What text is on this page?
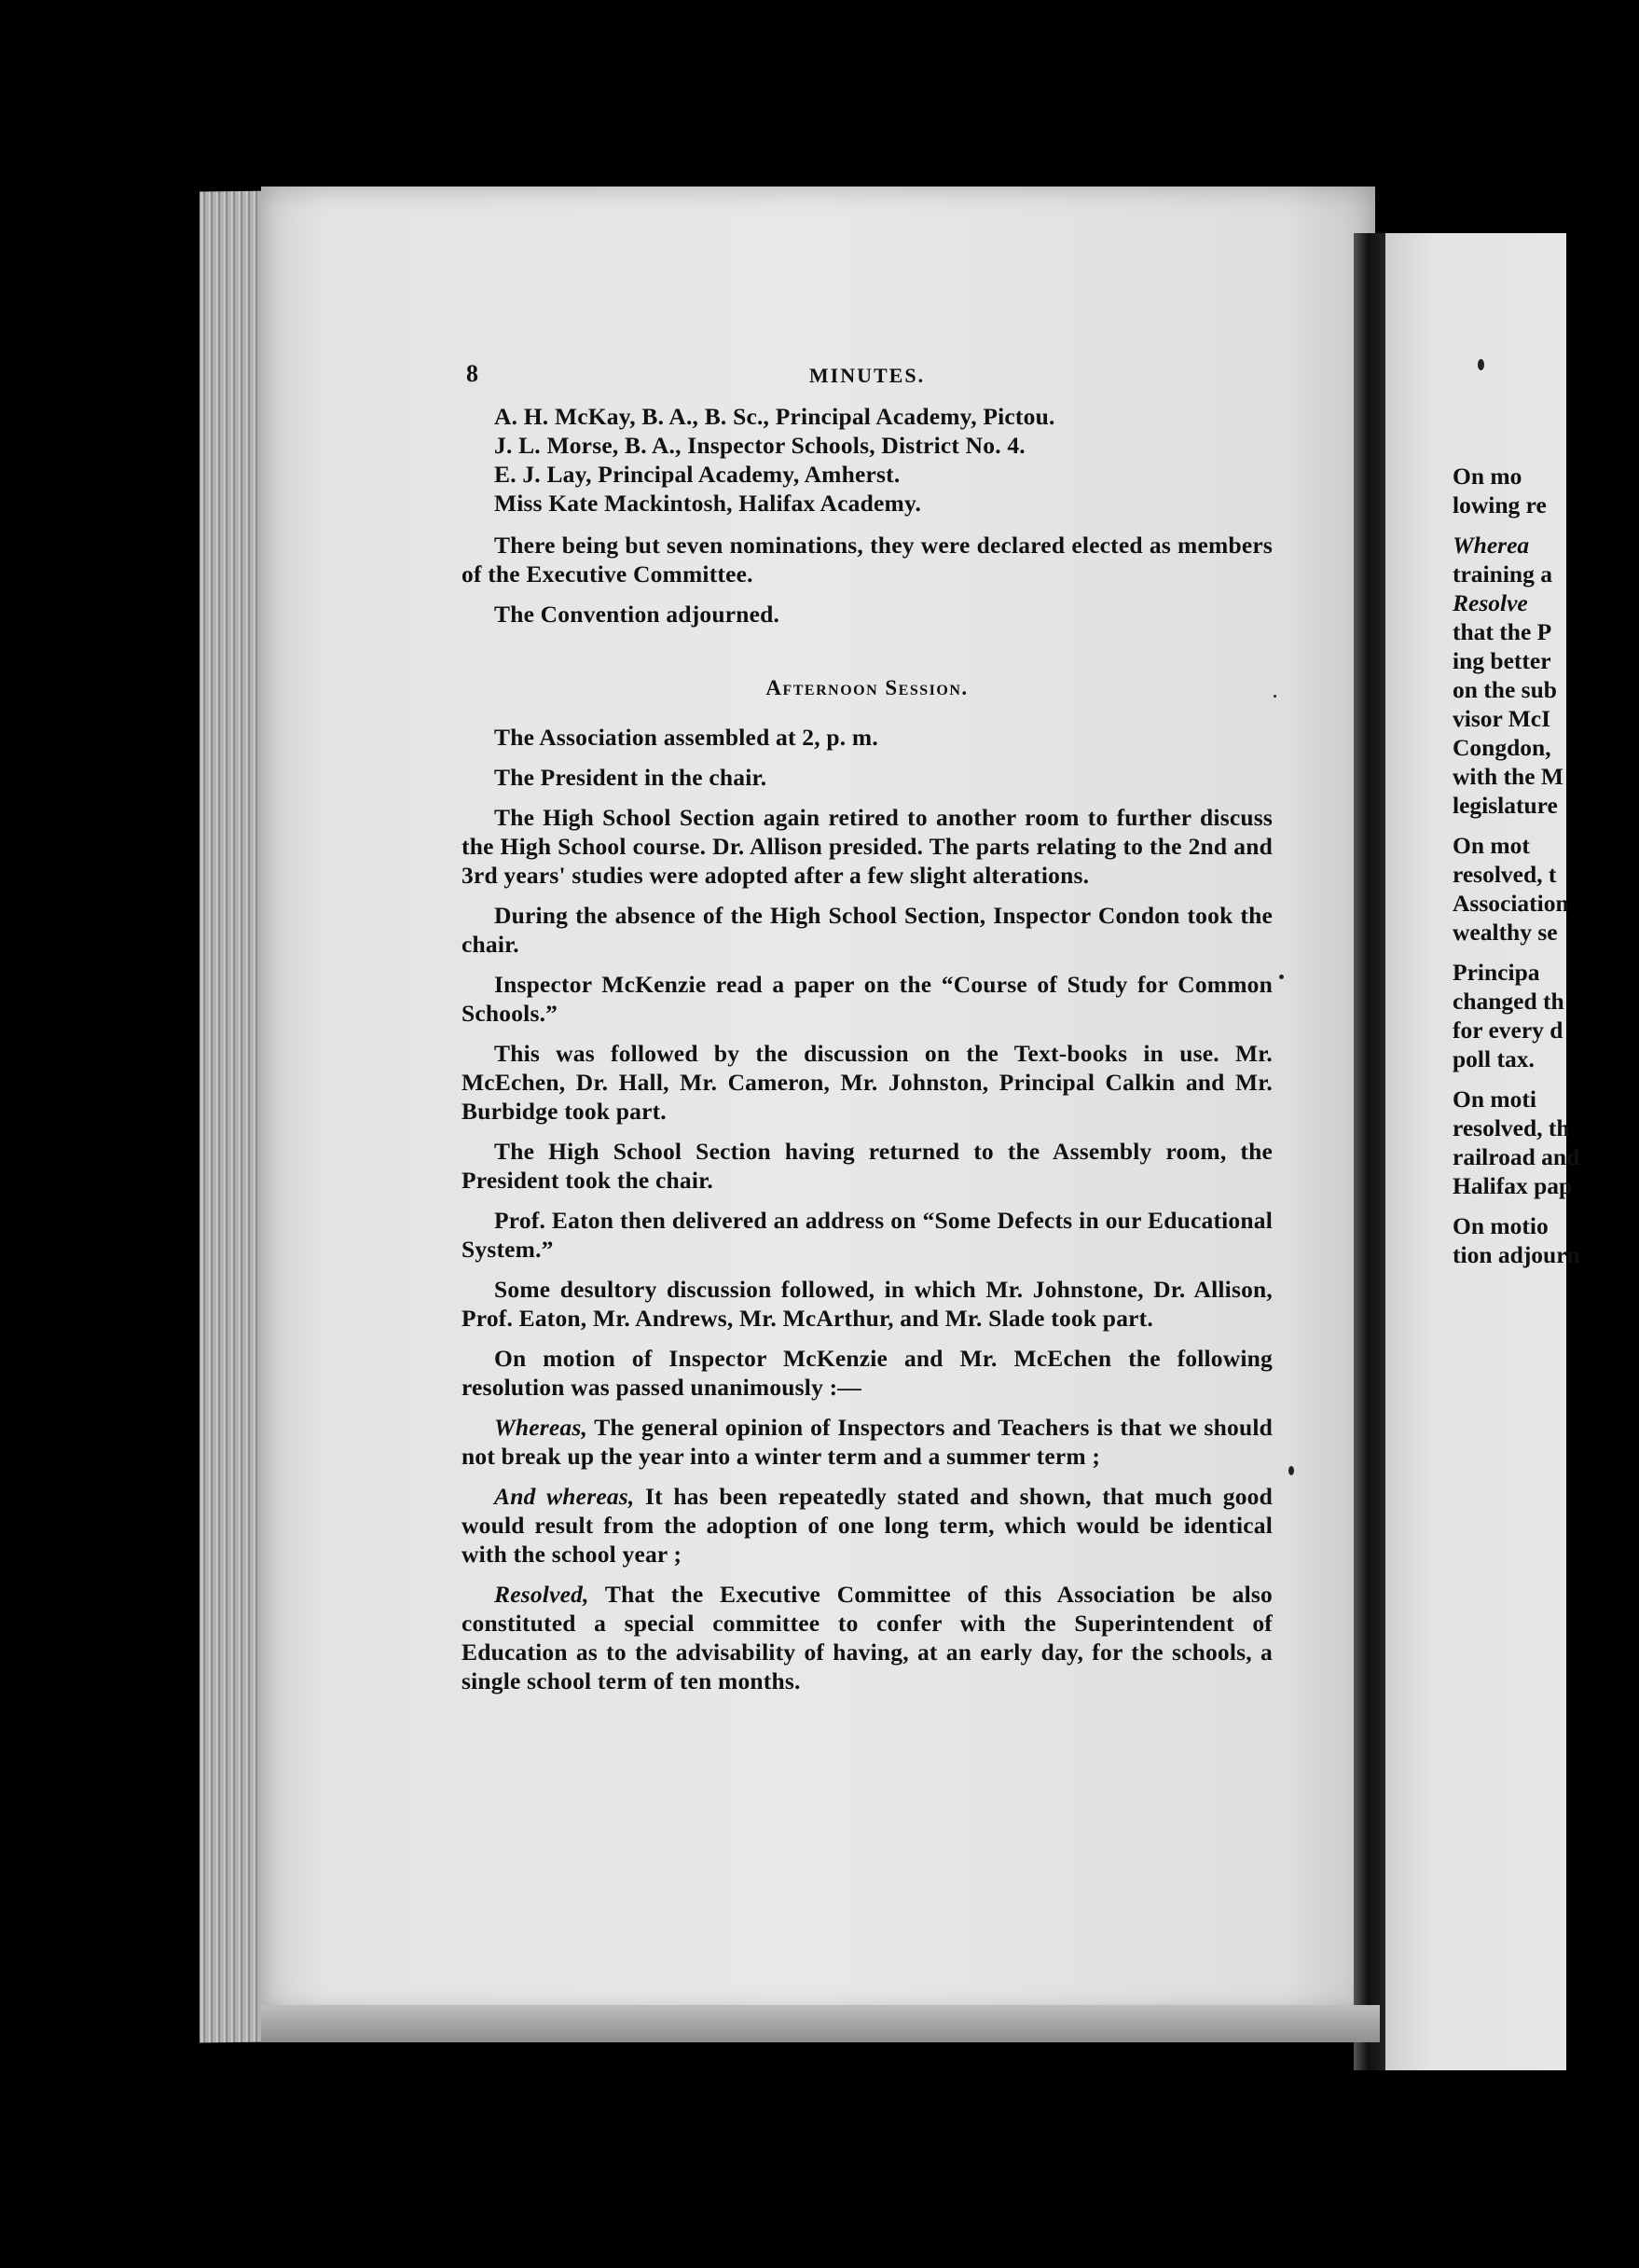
8	MINUTES.
A. H. McKay, B. A., B. Sc., Principal Academy, Pictou.
J. L. Morse, B. A., Inspector Schools, District No. 4.
E. J. Lay, Principal Academy, Amherst.
Miss Kate Mackintosh, Halifax Academy.

There being but seven nominations, they were declared elected as members of the Executive Committee.

The Convention adjourned.

Afternoon Session.

The Association assembled at 2, p. m.

The President in the chair.

The High School Section again retired to another room to further discuss the High School course. Dr. Allison presided. The parts relating to the 2nd and 3rd years' studies were adopted after a few slight alterations.

During the absence of the High School Section, Inspector Condon took the chair.

Inspector McKenzie read a paper on the “Course of Study for Common Schools.”

This was followed by the discussion on the Text-books in use. Mr. McEchen, Dr. Hall, Mr. Cameron, Mr. Johnston, Principal Calkin and Mr. Burbidge took part.

The High School Section having returned to the Assembly room, the President took the chair.

Prof. Eaton then delivered an address on “Some Defects in our Educational System.”

Some desultory discussion followed, in which Mr. Johnstone, Dr. Allison, Prof. Eaton, Mr. Andrews, Mr. McArthur, and Mr. Slade took part.

On motion of Inspector McKenzie and Mr. McEchen the following resolution was passed unanimously :—

Whereas, The general opinion of Inspectors and Teachers is that we should not break up the year into a winter term and a summer term ;

And whereas, It has been repeatedly stated and shown, that much good would result from the adoption of one long term, which would be identical with the school year ;

Resolved, That the Executive Committee of this Association be also constituted a special committee to confer with the Superintendent of Education as to the advisability of having, at an early day, for the schools, a single school term of ten months.

On mo
lowing re
Wherea
training a
Resolve
that the P
ing better
on the sub
visor McI
Congdon,
with the M
legislature
On mot
resolved, t
Association
wealthy se
Principa
changed th
for every d
poll tax.
On moti
resolved, th
railroad and
Halifax pap
On motio
tion adjourn
